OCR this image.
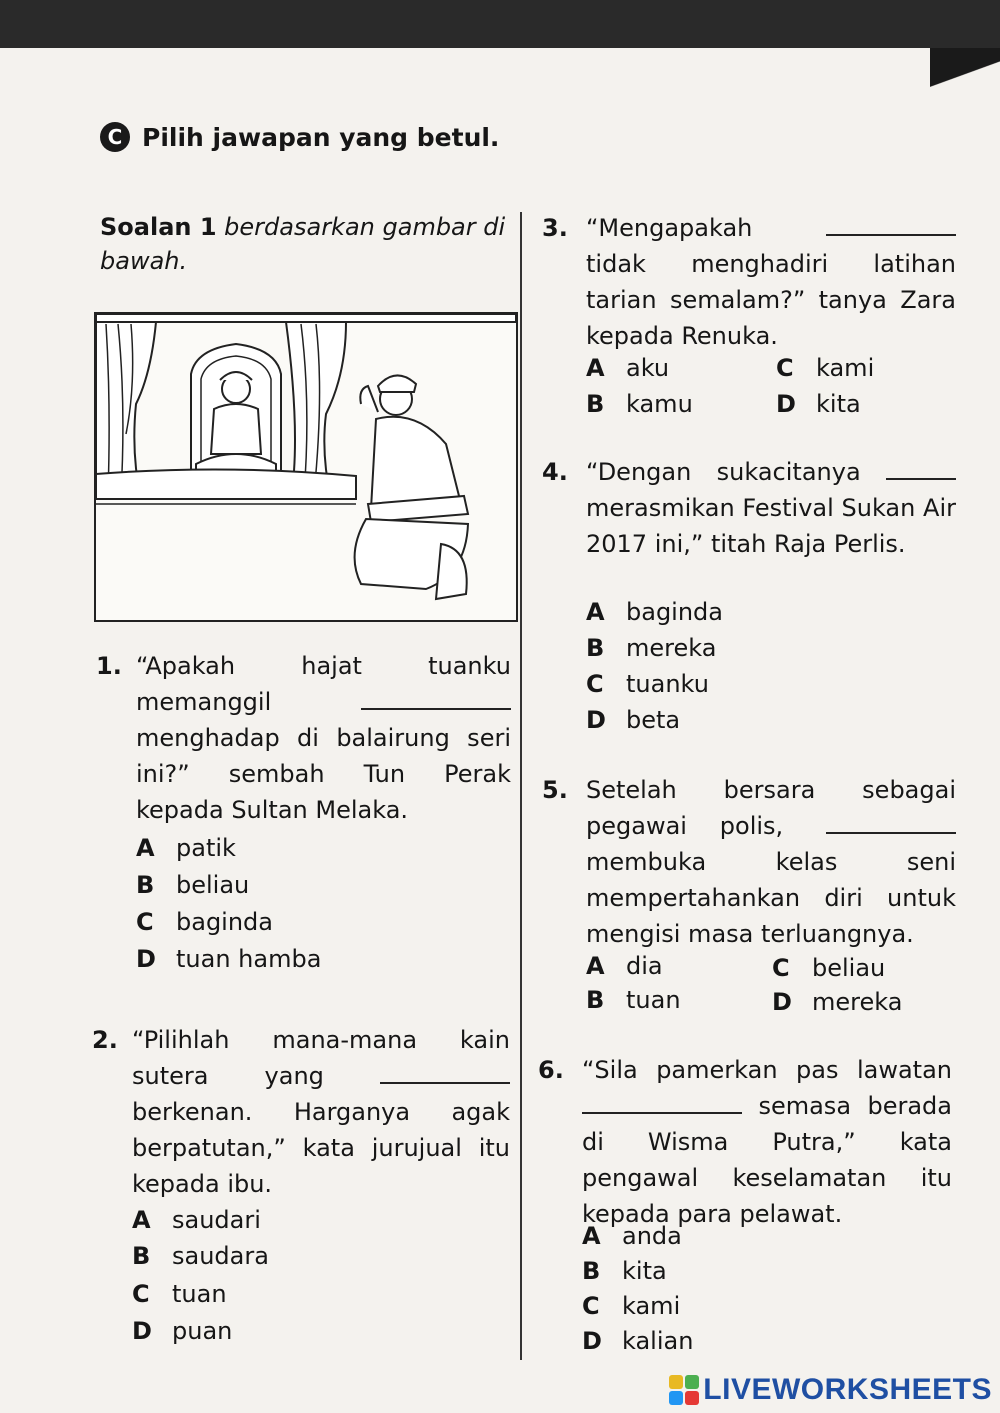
C Pilih jawapan yang betul.
Soalan 1 berdasarkan gambar di bawah.
1. “Apakah hajat tuanku memanggil  menghadap di balairung seri ini?” sembah Tun Perak kepada Sultan Melaka.
A patik
B beliau
C baginda
D tuan hamba
2. “Pilihlah mana-mana kain sutera yang  berkenan. Harganya agak berpatutan,” kata jurujual itu kepada ibu.
A saudari
B saudara
C tuan
D puan
3. “Mengapakah  tidak menghadiri latihan tarian semalam?” tanya Zara kepada Renuka.
A aku
B kamu
C kami
D kita
4. “Dengan sukacitanya  merasmikan Festival Sukan Air 2017 ini,” titah Raja Perlis.
A baginda
B mereka
C tuanku
D beta
5. Setelah bersara sebagai pegawai polis,  membuka kelas seni mempertahankan diri untuk mengisi masa terluangnya.
A dia
B tuan
C beliau
D mereka
6. “Sila pamerkan pas lawatan  semasa berada di Wisma Putra,” kata pengawal keselamatan itu kepada para pelawat.
A anda
B kita
C kami
D kalian
LIVEWORKSHEETS
